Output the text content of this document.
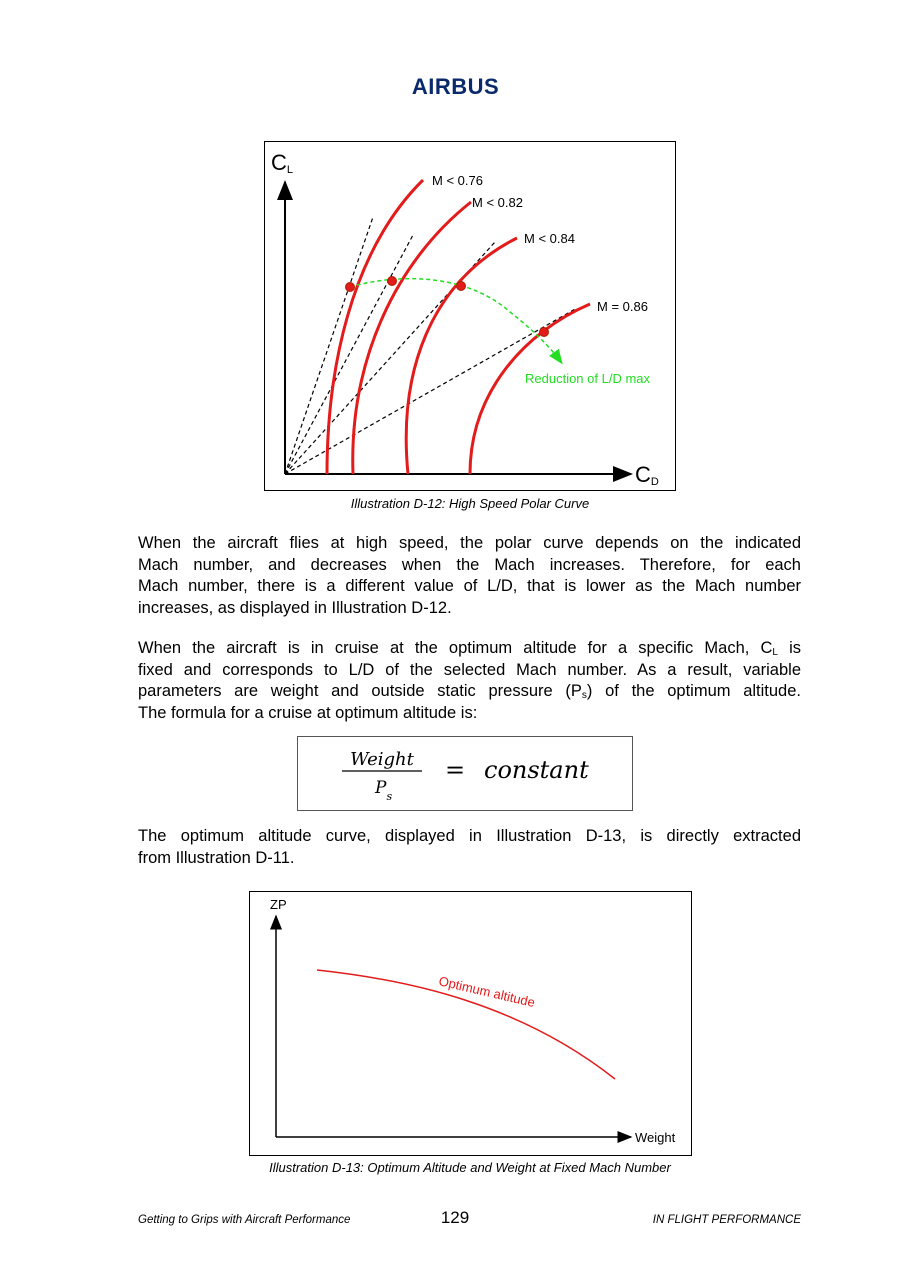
AIRBUS
CL
CD
M < 0.76
M < 0.82
M < 0.84
M = 0.86
Reduction of L/D max
Illustration D-12: High Speed Polar Curve
When the aircraft flies at high speed, the polar curve depends on the indicated
Mach number, and decreases when the Mach increases. Therefore, for each
Mach number, there is a different value of L/D, that is lower as the Mach number
increases, as displayed in Illustration D-12.
When the aircraft is in cruise at the optimum altitude for a specific Mach, $C_L$ is
fixed and corresponds to L/D of the selected Mach number. As a result, variable
parameters are weight and outside static pressure $(P_s)$ of the optimum altitude.
The formula for a cruise at optimum altitude is:
Weight
$P_s$
= constant
The optimum altitude curve, displayed in Illustration D-13, is directly extracted
from Illustration D-11.
ZP
Weight
Optimum altitude
Illustration D-13: Optimum Altitude and Weight at Fixed Mach Number
Getting to Grips with Aircraft Performance	129	IN FLIGHT PERFORMANCE
